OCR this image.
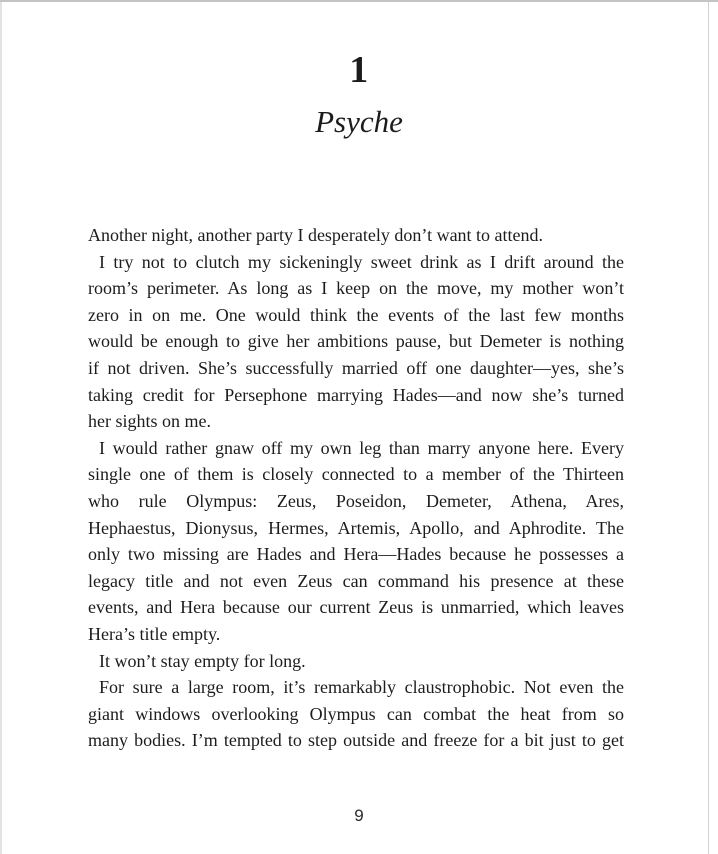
1
Psyche
Another night, another party I desperately don’t want to attend.
I try not to clutch my sickeningly sweet drink as I drift around the
room’s perimeter. As long as I keep on the move, my mother won’t
zero in on me. One would think the events of the last few months
would be enough to give her ambitions pause, but Demeter is nothing
if not driven. She’s successfully married off one daughter—yes, she’s
taking credit for Persephone marrying Hades—and now she’s turned
her sights on me.
I would rather gnaw off my own leg than marry anyone here. Every
single one of them is closely connected to a member of the Thirteen
who rule Olympus: Zeus, Poseidon, Demeter, Athena, Ares,
Hephaestus, Dionysus, Hermes, Artemis, Apollo, and Aphrodite. The
only two missing are Hades and Hera—Hades because he possesses a
legacy title and not even Zeus can command his presence at these
events, and Hera because our current Zeus is unmarried, which leaves
Hera’s title empty.
It won’t stay empty for long.
For sure a large room, it’s remarkably claustrophobic. Not even the
giant windows overlooking Olympus can combat the heat from so
many bodies. I’m tempted to step outside and freeze for a bit just to get
9
